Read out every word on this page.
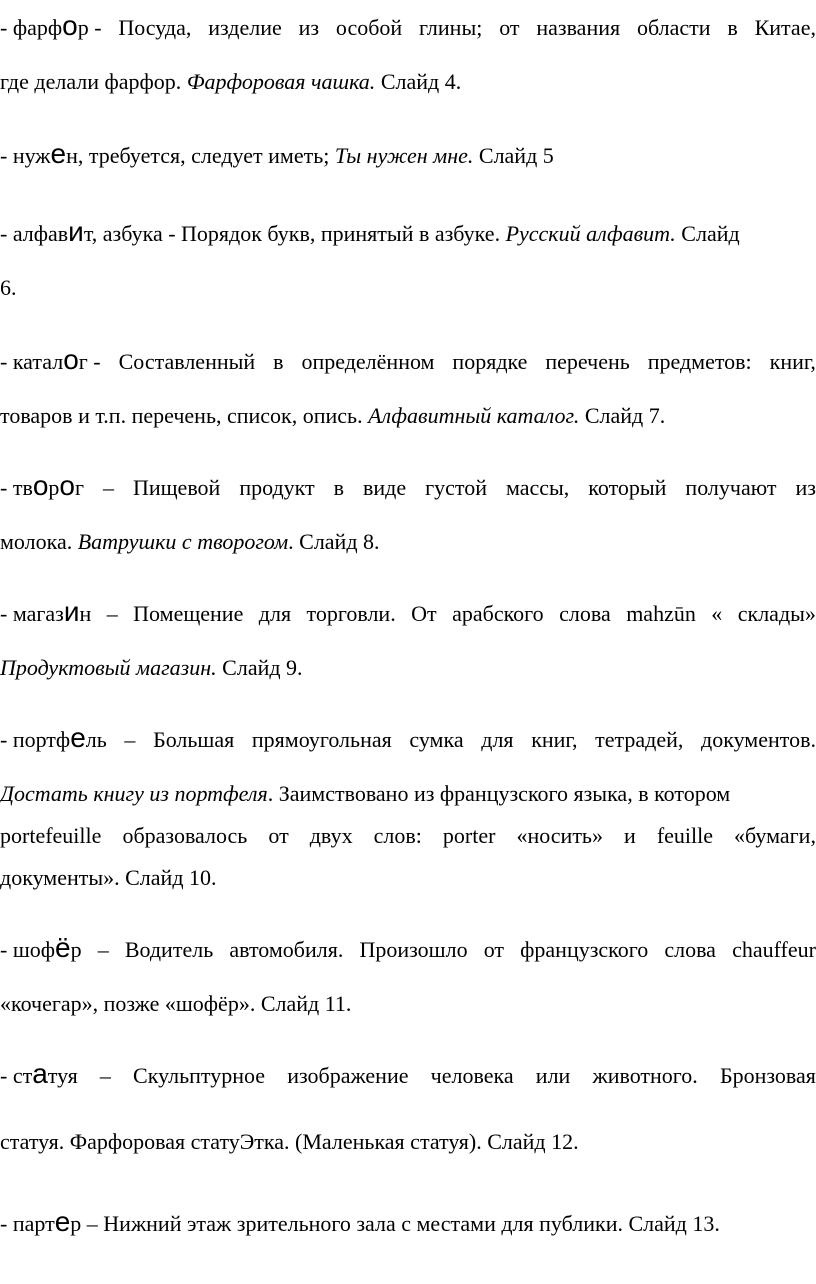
- фарфор - Посуда, изделие из особой глины; от названия области в Китае,
где делали фарфор. Фарфоровая чашка. Слайд 4.
- нужен, требуется, следует иметь; Ты нужен мне. Слайд 5
- алфавит, азбука - Порядок букв, принятый в азбуке. Русский алфавит. Слайд
6.
- каталог - Составленный в определённом порядке перечень предметов: книг,
товаров и т.п. перечень, список, опись. Алфавитный каталог. Слайд 7.
- творог – Пищевой продукт в виде густой массы, который получают из
молока. Ватрушки с творогом. Слайд 8.
- магазин – Помещение для торговли. От арабского слова mahzūn « склады»
Продуктовый магазин. Слайд 9.
- портфель – Большая прямоугольная сумка для книг, тетрадей, документов.
Достать книгу из портфеля. Заимствовано из французского языка, в котором
portefeuille образовалось от двух слов: porter «носить» и feuille «бумаги,
документы». Слайд 10.
- шофёр – Водитель автомобиля. Произошло от французского слова chauffeur
«кочегар», позже «шофёр». Слайд 11.
- статуя – Скульптурное изображение человека или животного. Бронзовая
статуя. Фарфоровая статуЭтка. (Маленькая статуя). Слайд 12.
- партер – Нижний этаж зрительного зала с местами для публики. Слайд 13.
